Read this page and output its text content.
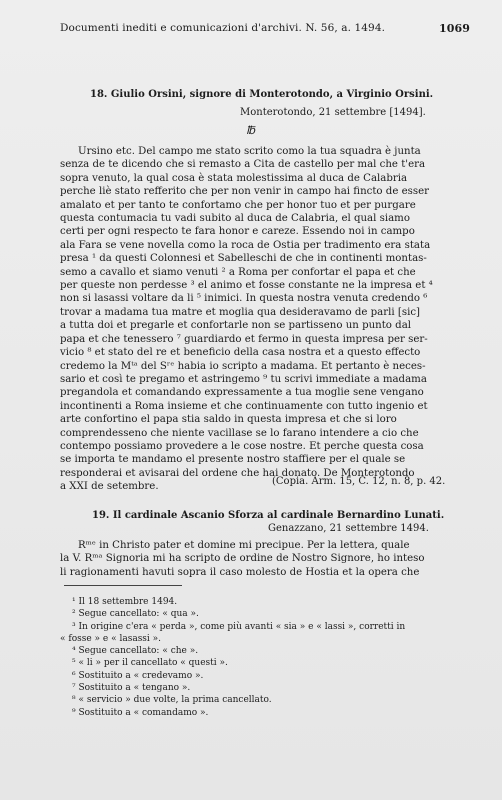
Documenti inediti e comunicazioni d'archivi. N. 56, a. 1494.	1069
18. Giulio Orsini, signore di Monterotondo, a Virginio Orsini.
Monterotondo, 21 settembre [1494].
℔

Ursino etc. Del campo me stato scrito como la tua squadra è junta

senza de te dicendo che si remasto a Cita de castello per mal che t'era

sopra venuto, la qual cosa è stata molestissima al duca de Calabria

perche liè stato refferito che per non venir in campo hai fincto de esser

amalato et per tanto te confortamo che per honor tuo et per purgare

questa contumacia tu vadi subito al duca de Calabria, el qual siamo

certi per ogni respecto te fara honor e careze. Essendo noi in campo

ala Fara se vene novella como la roca de Ostia per tradimento era stata

presa ¹ da questi Colonnesi et Sabelleschi de che in continenti montas-

semo a cavallo et siamo venuti ² a Roma per confortar el papa et che

per queste non perdesse ³ el animo et fosse constante ne la impresa et ⁴

non si lasassi voltare da li ⁵ inimici. In questa nostra venuta credendo ⁶

trovar a madama tua matre et moglia qua desideravamo de parli [sic]

a tutta doi et pregarle et confortarle non se partisseno un punto dal

papa et che tenessero ⁷ guardiardo et fermo in questa impresa per ser-

vicio ⁸ et stato del re et beneficio della casa nostra et a questo effecto

credemo la Mᵗᵃ del Sʳᵉ habia io scripto a madama. Et pertanto è neces-

sario et così te pregamo et astringemo ⁹ tu scrivi immediate a madama

pregandola et comandando expressamente a tua moglie sene vengano

incontinenti a Roma insieme et che continuamente con tutto ingenio et

arte confortino el papa stia saldo in questa impresa et che si loro

comprendesseno che niente vacillase se lo farano intendere a cio che

contempo possiamo provedere a le cose nostre. Et perche questa cosa

se importa te mandamo el presente nostro staffiere per el quale se

responderai et avisarai del ordene che hai donato. De Monterotondo

a XXI de setembre.	(Copia. Arm. 15, C. 12, n. 8, p. 42.
19. Il cardinale Ascanio Sforza al cardinale Bernardino Lunati.
Genazzano, 21 settembre 1494.

Rᵐᵉ in Christo pater et domine mi precipue. Per la lettera, quale

la V. Rᵐᵃ Signoria mi ha scripto de ordine de Nostro Signore, ho inteso

li ragionamenti havuti sopra il caso molesto de Hostia et la opera che

¹ Il 18 settembre 1494.

² Segue cancellato: « qua ».

³ In origine c'era « perda », come più avanti « sia » e « lassi », corretti in

« fosse » e « lasassi ».

⁴ Segue cancellato: « che ».

⁵ « li » per il cancellato « questi ».

⁶ Sostituito a « credevamo ».

⁷ Sostituito a « tengano ».

⁸ « servicio » due volte, la prima cancellato.

⁹ Sostituito a « comandamo ».
